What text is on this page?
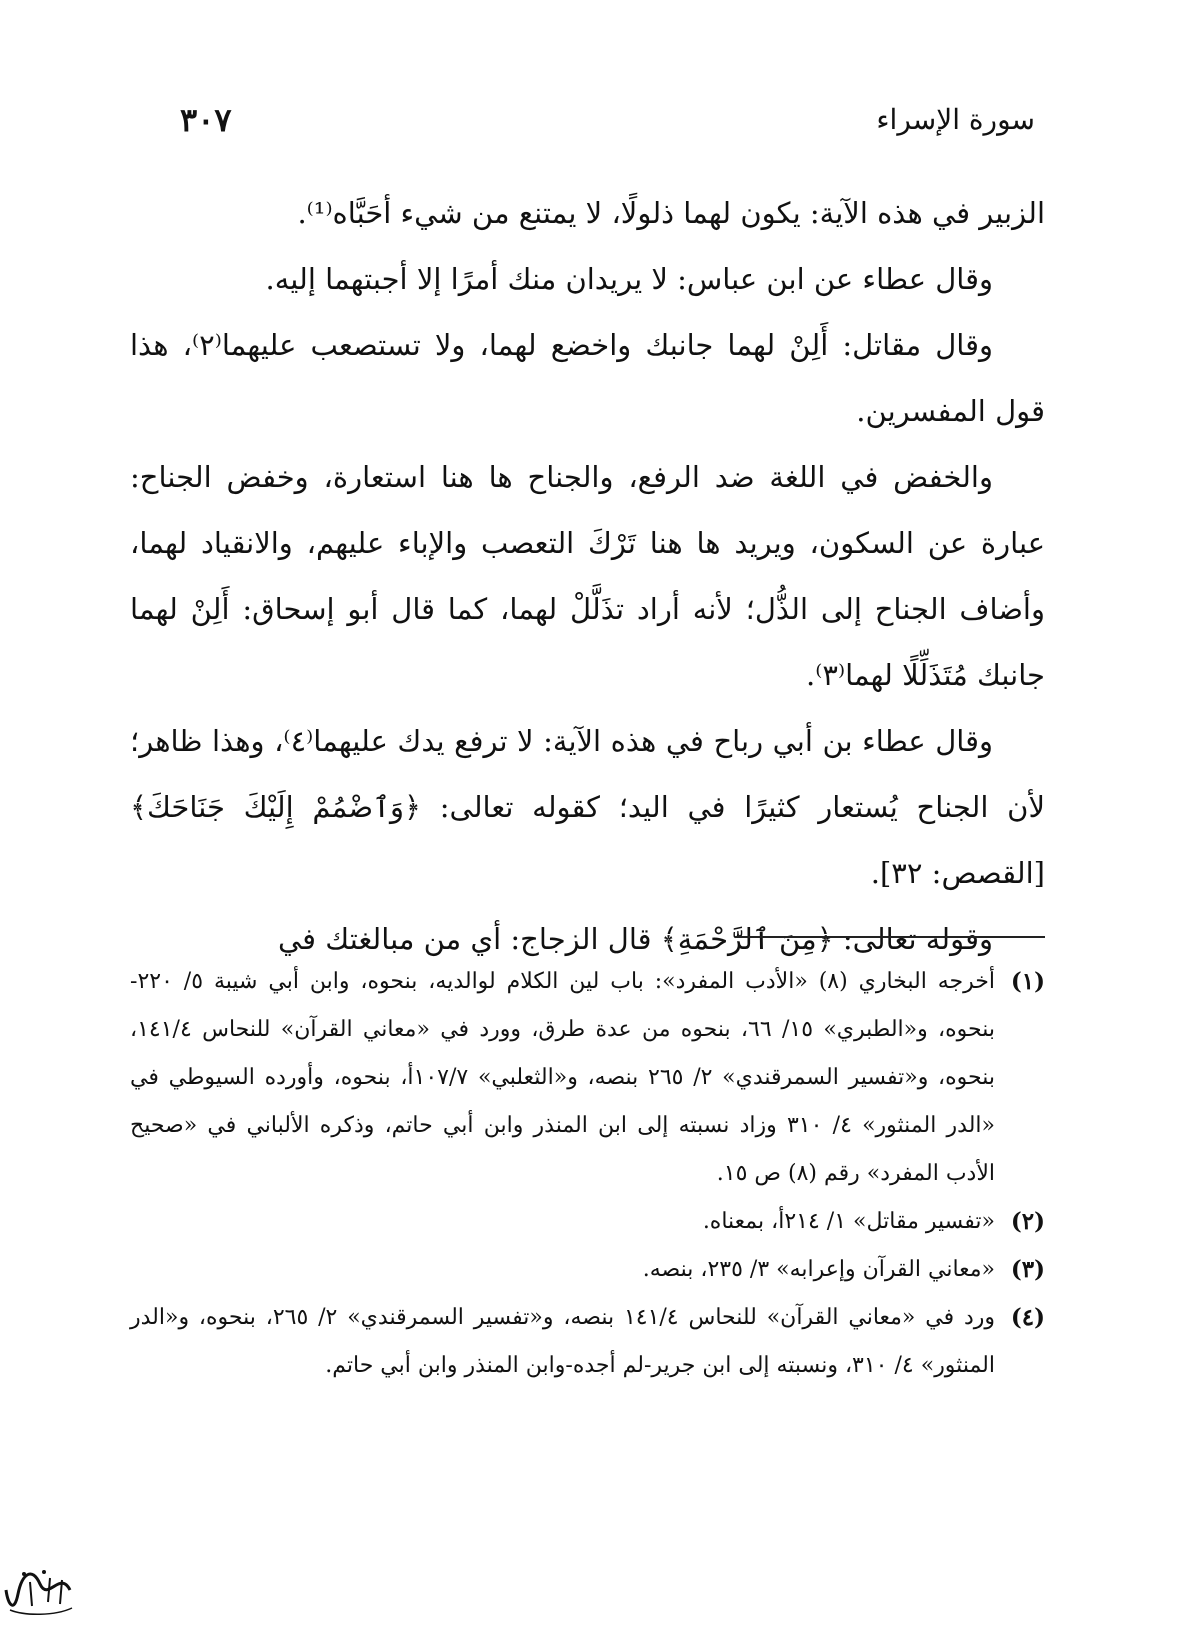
سورة الإسراء
٣٠٧

الزبير في هذه الآية: يكون لهما ذلولًا، لا يمتنع من شيء أحَبَّاه⁽¹⁾.

وقال عطاء عن ابن عباس: لا يريدان منك أمرًا إلا أجبتهما إليه.

وقال مقاتل: أَلِنْ لهما جانبك واخضع لهما، ولا تستصعب عليهما⁽٢⁾، هذا قول المفسرين.

والخفض في اللغة ضد الرفع، والجناح ها هنا استعارة، وخفض الجناح: عبارة عن السكون، ويريد ها هنا تَرْكَ التعصب والإباء عليهم، والانقياد لهما، وأضاف الجناح إلى الذُّل؛ لأنه أراد تذَلَّلْ لهما، كما قال أبو إسحاق: أَلِنْ لهما جانبك مُتَذَلِّلًا لهما⁽٣⁾.

وقال عطاء بن أبي رباح في هذه الآية: لا ترفع يدك عليهما⁽٤⁾، وهذا ظاهر؛ لأن الجناح يُستعار كثيرًا في اليد؛ كقوله تعالى: ﴿وَٱضْمُمْ إِلَيْكَ جَنَاحَكَ﴾ [القصص: ٣٢].

وقوله تعالى: ﴿مِنَ ٱلرَّحْمَةِ﴾ قال الزجاج: أي من مبالغتك في

(١)
أخرجه البخاري (٨) «الأدب المفرد»: باب لين الكلام لوالديه، بنحوه، وابن أبي شيبة ٥/ ٢٢٠- بنحوه، و«الطبري» ١٥/ ٦٦، بنحوه من عدة طرق، وورد في «معاني القرآن» للنحاس ١٤١/٤، بنحوه، و«تفسير السمرقندي» ٢/ ٢٦٥ بنصه، و«الثعلبي» ١٠٧/٧أ، بنحوه، وأورده السيوطي في «الدر المنثور» ٤/ ٣١٠ وزاد نسبته إلى ابن المنذر وابن أبي حاتم، وذكره الألباني في «صحيح الأدب المفرد» رقم (٨) ص ١٥.
(٢)
«تفسير مقاتل» ١/ ٢١٤أ، بمعناه.
(٣)
«معاني القرآن وإعرابه» ٣/ ٢٣٥، بنصه.
(٤)
ورد في «معاني القرآن» للنحاس ١٤١/٤ بنصه، و«تفسير السمرقندي» ٢/ ٢٦٥، بنحوه، و«الدر المنثور» ٤/ ٣١٠، ونسبته إلى ابن جرير-لم أجده-وابن المنذر وابن أبي حاتم.
